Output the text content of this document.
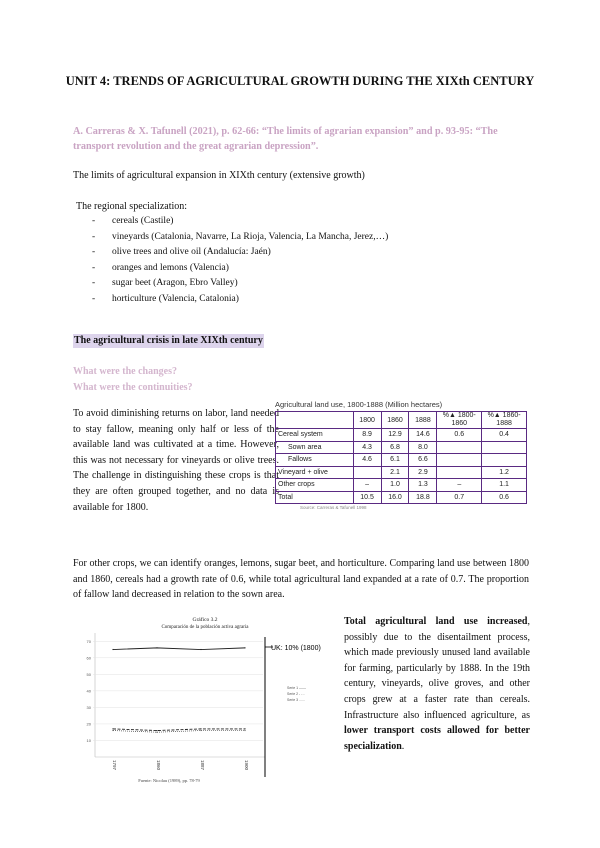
UNIT 4: TRENDS OF AGRICULTURAL GROWTH DURING THE XIXth CENTURY
A. Carreras & X. Tafunell (2021), p. 62-66: “The limits of agrarian expansion” and p. 93-95: “The transport revolution and the great agrarian depression”.
The limits of agricultural expansion in XIXth century (extensive growth)
The regional specialization:
- cereals (Castile)
- vineyards (Catalonia, Navarre, La Rioja, Valencia, La Mancha, Jerez,…)
- olive trees and olive oil (Andalucía: Jaén)
- oranges and lemons (Valencia)
- sugar beet (Aragon, Ebro Valley)
- horticulture (Valencia, Catalonia)
The agricultural crisis in late XIXth century
What were the changes?
What were the continuities?
To avoid diminishing returns on labor, land needed to stay fallow, meaning only half or less of the available land was cultivated at a time. However, this was not necessary for vineyards or olive trees. The challenge in distinguishing these crops is that they are often grouped together, and no data is available for 1800.
Agricultural land use, 1800-1888 (Million hectares)
	1800	1860	1888	%▲ 1800-1860	%▲ 1860-1888
Cereal system	8.9	12.9	14.6	0.6	0.4
Sown area	4.3	6.8	8.0		
Fallows	4.6	6.1	6.6		
Vineyard + olive		2.1	2.9		1.2
Other crops	–	1.0	1.3	–	1.1
Total	10.5	16.0	18.8	0.7	0.6
Source: Carreras & Tafunell 1998
For other crops, we can identify oranges, lemons, sugar beet, and horticulture. Comparing land use between 1800 and 1860, cereals had a growth rate of 0.6, while total agricultural land expanded at a rate of 0.7. The proportion of fallow land decreased in relation to the sown area.
Gráfico 3.2
Comparación de la población activa agraria
70
60
50
40
30
20
10
1797	1860	1887	1900
UK: 10% (1800)
Serie 1 ——
Serie 2 - - -
Serie 3 ......
Fuente: Nicolau (1989), pp. 78-79
Total agricultural land use increased, possibly due to the disentailment process, which made previously unused land available for farming, particularly by 1888. In the 19th century, vineyards, olive groves, and other crops grew at a faster rate than cereals. Infrastructure also influenced agriculture, as lower transport costs allowed for better specialization.
